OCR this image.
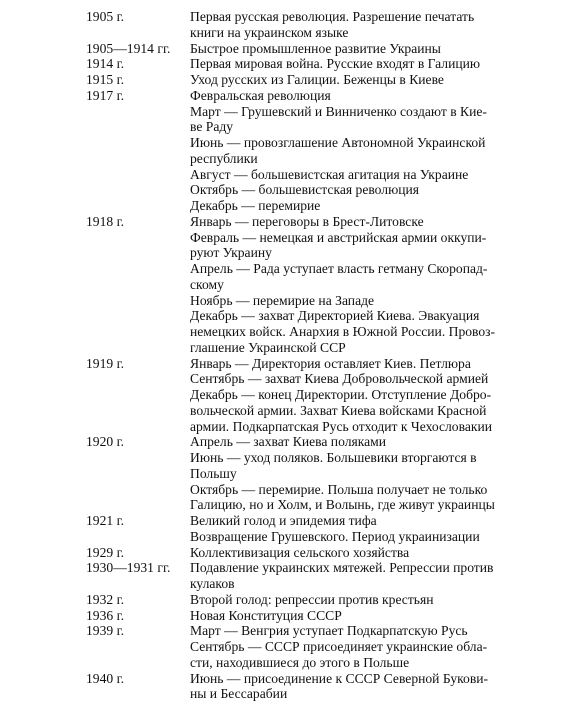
1905 г.	Первая русская революция. Разрешение печатать
книги на украинском языке
1905—1914 гг. Быстрое промышленное развитие Украины
1914 г.	Первая мировая война. Русские входят в Галицию
1915 г.	Уход русских из Галиции. Беженцы в Киеве
1917 г.	Февральская революция
Март — Грушевский и Винниченко создают в Кие-
ве Раду
Июнь — провозглашение Автономной Украинской
республики
Август — большевистская агитация на Украине
Октябрь — большевистская революция
Декабрь — перемирие
1918 г.	Январь — переговоры в Брест-Литовске
Февраль — немецкая и австрийская армии оккупи-
руют Украину
Апрель — Рада уступает власть гетману Скоропад-
скому
Ноябрь — перемирие на Западе
Декабрь — захват Директорией Киева. Эвакуация
немецких войск. Анархия в Южной России. Провоз-
глашение Украинской ССР
1919 г.	Январь — Директория оставляет Киев. Петлюра
Сентябрь — захват Киева Добровольческой армией
Декабрь — конец Директории. Отступление Добро-
вольческой армии. Захват Киева войсками Красной
армии. Подкарпатская Русь отходит к Чехословакии
1920 г.	Апрель — захват Киева поляками
Июнь — уход поляков. Большевики вторгаются в
Польшу
Октябрь — перемирие. Польша получает не только
Галицию, но и Холм, и Волынь, где живут украинцы
1921 г.	Великий голод и эпидемия тифа
Возвращение Грушевского. Период украинизации
1929 г.	Коллективизация сельского хозяйства
1930—1931 гг. Подавление украинских мятежей. Репрессии против
кулаков
1932 г.	Второй голод: репрессии против крестьян
1936 г.	Новая Конституция СССР
1939 г.	Март — Венгрия уступает Подкарпатскую Русь
Сентябрь — СССР присоединяет украинские обла-
сти, находившиеся до этого в Польше
1940 г.	Июнь — присоединение к СССР Северной Букови-
ны и Бессарабии
